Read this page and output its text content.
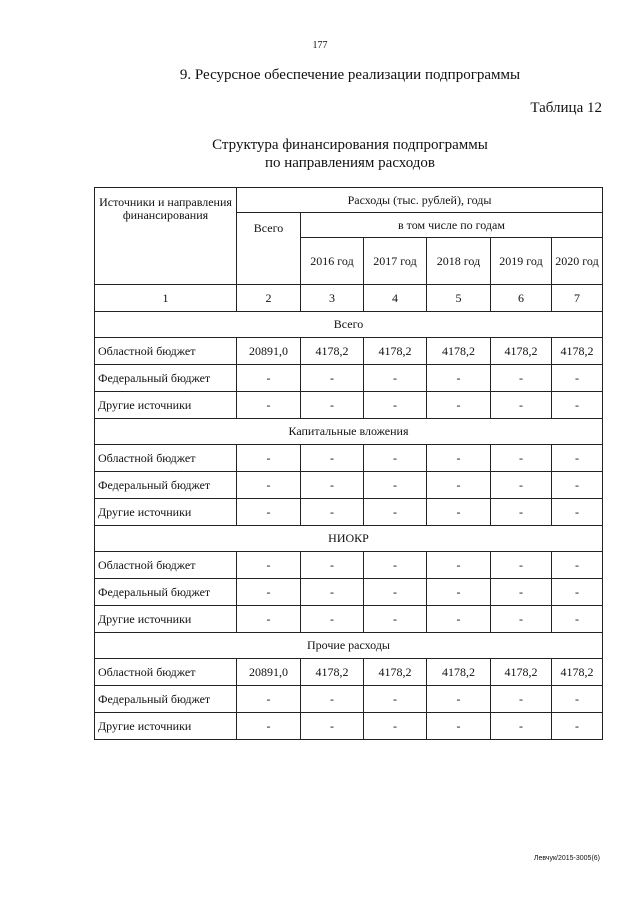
177
9. Ресурсное обеспечение реализации подпрограммы
Таблица 12
Структура финансирования подпрограммы
по направлениям расходов
Источники и направления финансирования	Расходы (тыс. рублей), годы					
	Всего	в том числе по годам				
		2016 год	2017 год	2018 год	2019 год	2020 год
1	2	3	4	5	6	7
Всего						
Областной бюджет	20891,0	4178,2	4178,2	4178,2	4178,2	4178,2
Федеральный бюджет	-	-	-	-	-	-
Другие источники	-	-	-	-	-	-
Капитальные вложения						
Областной бюджет	-	-	-	-	-	-
Федеральный бюджет	-	-	-	-	-	-
Другие источники	-	-	-	-	-	-
НИОКР						
Областной бюджет	-	-	-	-	-	-
Федеральный бюджет	-	-	-	-	-	-
Другие источники	-	-	-	-	-	-
Прочие расходы						
Областной бюджет	20891,0	4178,2	4178,2	4178,2	4178,2	4178,2
Федеральный бюджет	-	-	-	-	-	-
Другие источники	-	-	-	-	-	-
Левчук/2015-3005(6)
